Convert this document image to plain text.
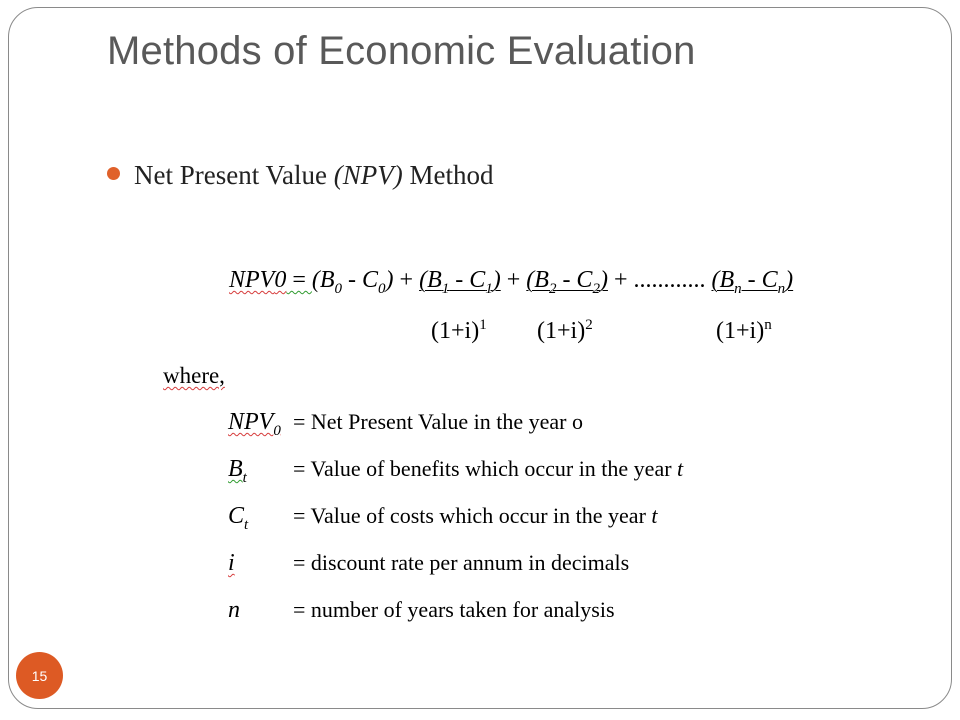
Methods of Economic Evaluation
Net Present Value (NPV) Method
$NPV0 = (B_0 - C_0) + (B_1 - C_1) + (B_2 - C_2)$ + ............ $(B_n - C_n)$
$(1+i)^1$ $(1+i)^2$	$(1+i)^n$
where,
$NPV_0$ = Net Present Value in the year o
$B_t$ = Value of benefits which occur in the year t
$C_t$ = Value of costs which occur in the year t
i	= discount rate per annum in decimals
n = number of years taken for analysis
15
